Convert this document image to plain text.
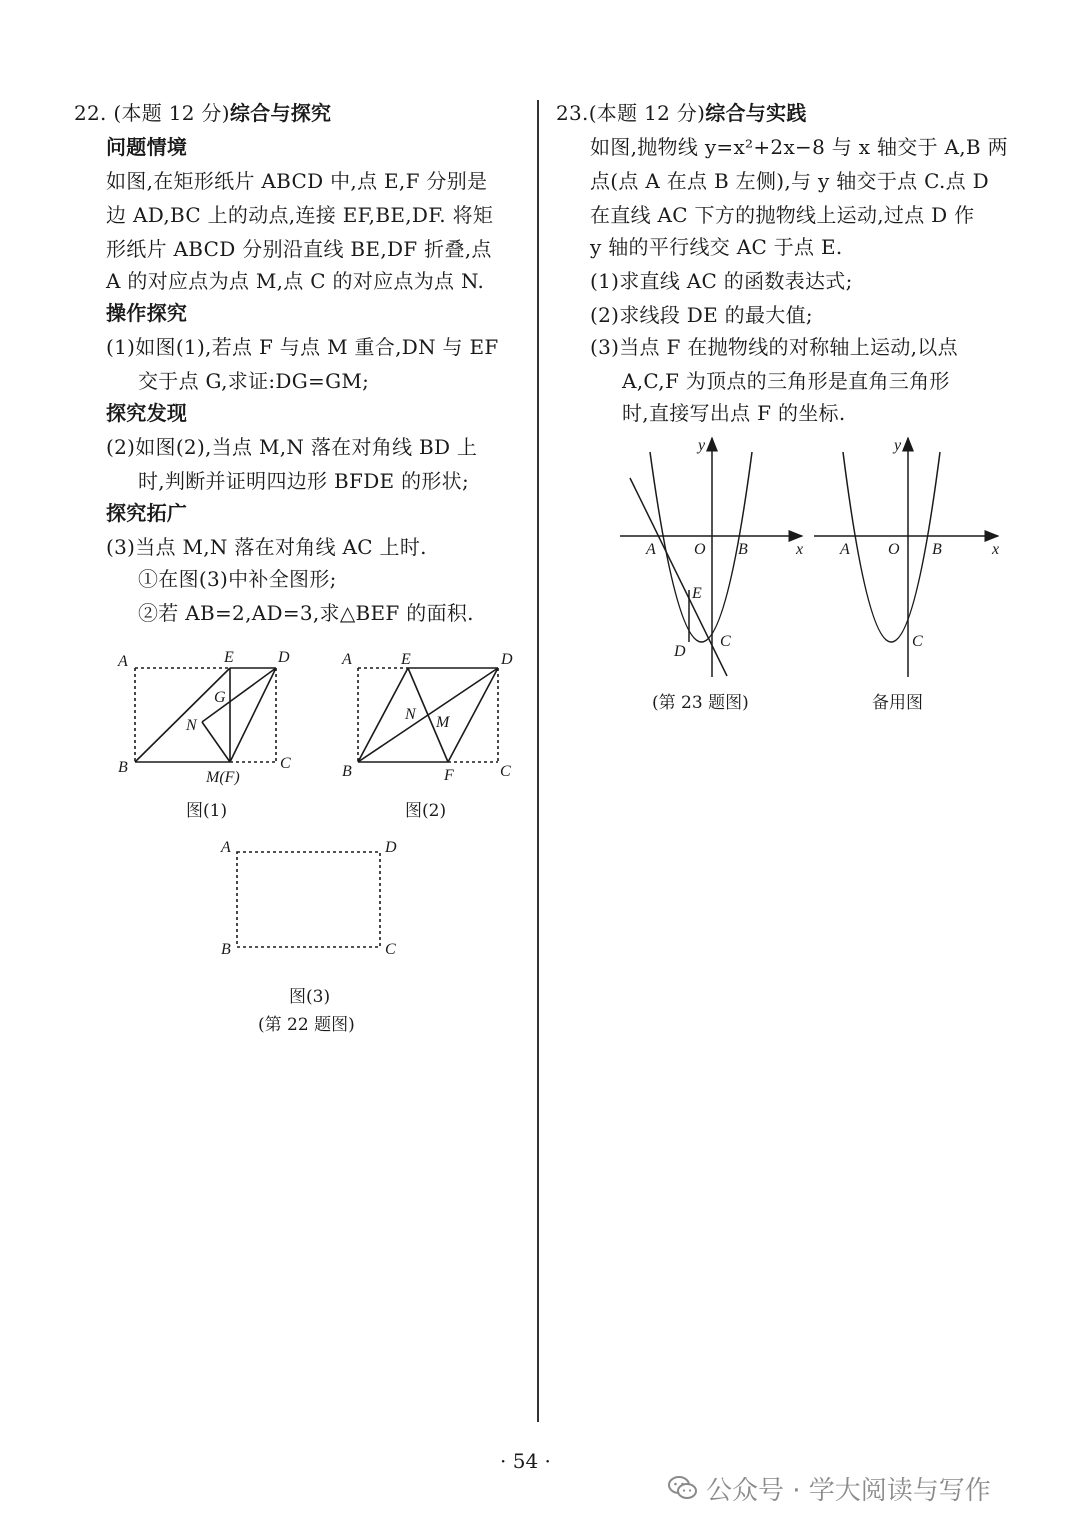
22. (本题 12 分)综合与探究
问题情境
如图,在矩形纸片 ABCD 中,点 E,F 分别是
边 AD,BC 上的动点,连接 EF,BE,DF. 将矩
形纸片 ABCD 分别沿直线 BE,DF 折叠,点
A 的对应点为点 M,点 C 的对应点为点 N.
操作探究
(1)如图(1),若点 F 与点 M 重合,DN 与 EF
交于点 G,求证:DG=GM;
探究发现
(2)如图(2),当点 M,N 落在对角线 BD 上
时,判断并证明四边形 BFDE 的形状;
探究拓广
(3)当点 M,N 落在对角线 AC 上时.
①在图(3)中补全图形;
②若 AB=2,AD=3,求△BEF 的面积.
A	E	D
G
N
B
M(F)
C
图(1)
A	E	D
N M
B	F	C
图(2)
A	D
B	C
图(3)
(第 22 题图)
23.(本题 12 分)综合与实践
如图,抛物线 y=x²+2x−8 与 x 轴交于 A,B 两
点(点 A 在点 B 左侧),与 y 轴交于点 C.点 D
在直线 AC 下方的抛物线上运动,过点 D 作
y 轴的平行线交 AC 于点 E.
(1)求直线 AC 的函数表达式;
(2)求线段 DE 的最大值;
(3)当点 F 在抛物线的对称轴上运动,以点
A,C,F 为顶点的三角形是直角三角形
时,直接写出点 F 的坐标.
y
x
A O B
E
C
D
(第 23 题图)
y
x
A O B
C
备用图
· 54 ·
公众号 · 学大阅读与写作
